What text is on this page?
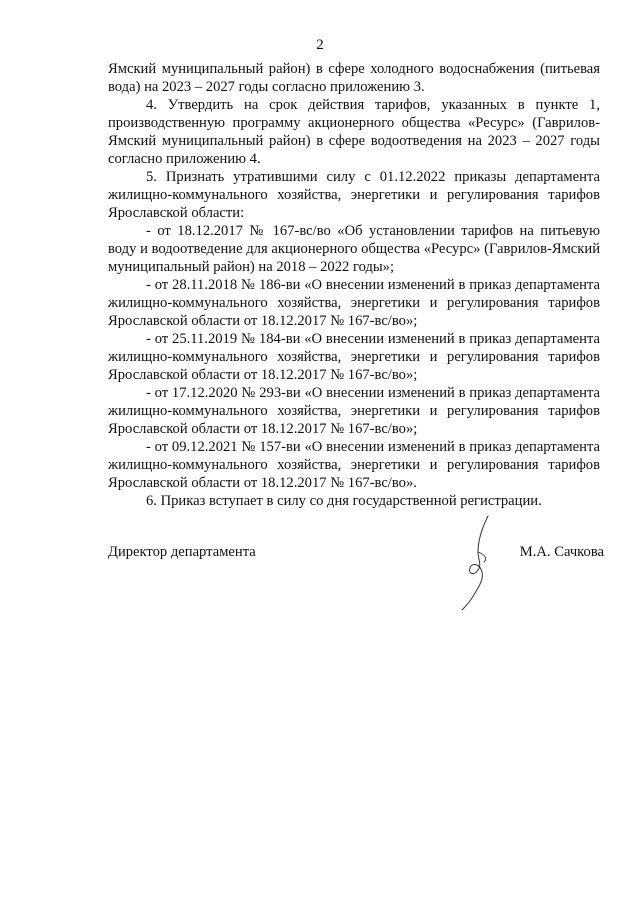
2

Ямский муниципальный район) в сфере холодного водоснабжения (питьевая вода) на 2023 – 2027 годы согласно приложению 3.

4. Утвердить на срок действия тарифов, указанных в пункте 1, производственную программу акционерного общества «Ресурс» (Гаврилов-Ямский муниципальный район) в сфере водоотведения на 2023 – 2027 годы согласно приложению 4.

5. Признать утратившими силу с 01.12.2022 приказы департамента жилищно-коммунального хозяйства, энергетики и регулирования тарифов Ярославской области:

- от 18.12.2017 № 167-вс/во «Об установлении тарифов на питьевую воду и водоотведение для акционерного общества «Ресурс» (Гаврилов-Ямский муниципальный район) на 2018 – 2022 годы»;

- от 28.11.2018 № 186-ви «О внесении изменений в приказ департамента жилищно-коммунального хозяйства, энергетики и регулирования тарифов Ярославской области от 18.12.2017 № 167-вс/во»;

- от 25.11.2019 № 184-ви «О внесении изменений в приказ департамента жилищно-коммунального хозяйства, энергетики и регулирования тарифов Ярославской области от 18.12.2017 № 167-вс/во»;

- от 17.12.2020 № 293-ви «О внесении изменений в приказ департамента жилищно-коммунального хозяйства, энергетики и регулирования тарифов Ярославской области от 18.12.2017 № 167-вс/во»;

- от 09.12.2021 № 157-ви «О внесении изменений в приказ департамента жилищно-коммунального хозяйства, энергетики и регулирования тарифов Ярославской области от 18.12.2017 № 167-вс/во».

6. Приказ вступает в силу со дня государственной регистрации.

Директор департамента	М.А. Сачкова
